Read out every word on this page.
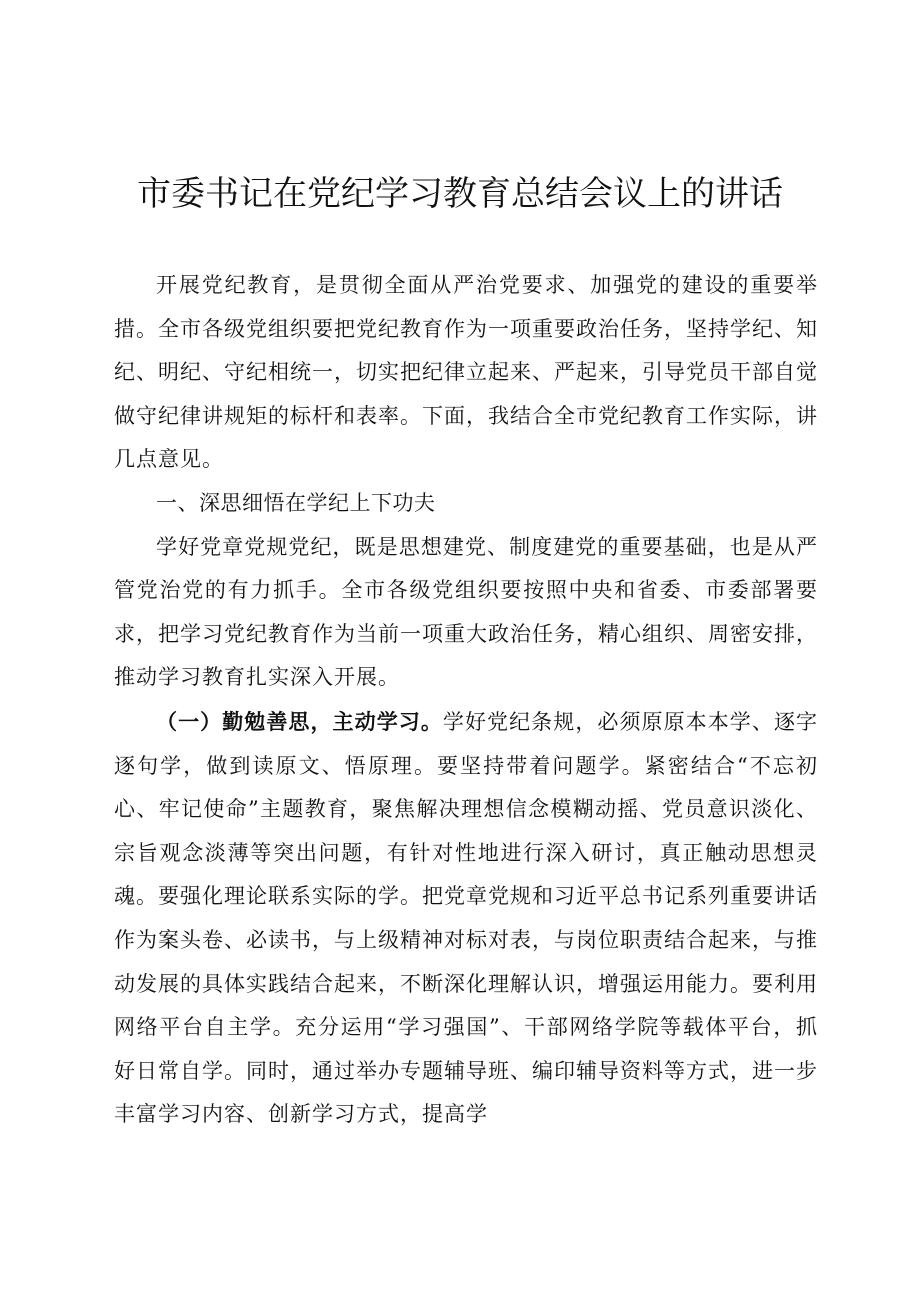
市委书记在党纪学习教育总结会议上的讲话

开展党纪教育，是贯彻全面从严治党要求、加强党的建设的重要举措。全市各级党组织要把党纪教育作为一项重要政治任务，坚持学纪、知纪、明纪、守纪相统一，切实把纪律立起来、严起来，引导党员干部自觉做守纪律讲规矩的标杆和表率。下面，我结合全市党纪教育工作实际，讲几点意见。

一、深思细悟在学纪上下功夫

学好党章党规党纪，既是思想建党、制度建党的重要基础，也是从严管党治党的有力抓手。全市各级党组织要按照中央和省委、市委部署要求，把学习党纪教育作为当前一项重大政治任务，精心组织、周密安排，推动学习教育扎实深入开展。

（一）勤勉善思，主动学习。学好党纪条规，必须原原本本学、逐字逐句学，做到读原文、悟原理。要坚持带着问题学。紧密结合“不忘初心、牢记使命”主题教育，聚焦解决理想信念模糊动摇、党员意识淡化、宗旨观念淡薄等突出问题，有针对性地进行深入研讨，真正触动思想灵魂。要强化理论联系实际的学。把党章党规和习近平总书记系列重要讲话作为案头卷、必读书，与上级精神对标对表，与岗位职责结合起来，与推动发展的具体实践结合起来，不断深化理解认识，增强运用能力。要利用网络平台自主学。充分运用“学习强国”、干部网络学院等载体平台，抓好日常自学。同时，通过举办专题辅导班、编印辅导资料等方式，进一步丰富学习内容、创新学习方式，提高学
